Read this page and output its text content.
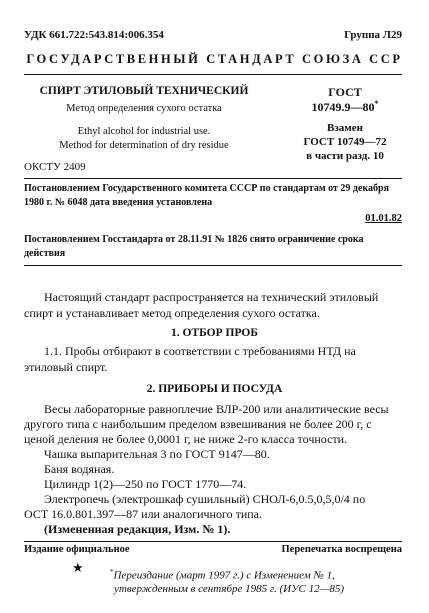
УДК 661.722:543.814:006.354	Группа Л29
ГОСУДАРСТВЕННЫЙ СТАНДАРТ СОЮЗА ССР
СПИРТ ЭТИЛОВЫЙ ТЕХНИЧЕСКИЙ
Метод определения сухого остатка
Ethyl alcohol for industrial use.
Method for determination of dry residue
ОКСТУ 2409
ГОСТ
10749.9—80*
Взамен
ГОСТ 10749—72
в части разд. 10
Постановлением Государственного комитета СССР по стандартам от 29 декабря
1980 г. № 6048 дата введения установлена
01.01.82
Постановлением Госстандарта от 28.11.91 № 1826 снято ограничение срока
действия

Настоящий стандарт распространяется на технический этиловый

спирт и устанавливает метод определения сухого остатка.

1. ОТБОР ПРОБ
1.1. Пробы отбирают в соответствии с требованиями НТД на
этиловый спирт.
2. ПРИБОРЫ И ПОСУДА
Весы лабораторные равноплечие ВЛР-200 или аналитические весы
другого типа с наибольшим пределом взвешивания не более 200 г, с
ценой деления не более 0,0001 г, не ниже 2-го класса точности.
Чашка выпарительная 3 по ГОСТ 9147—80.
Баня водяная.
Цилиндр 1(2)—250 по ГОСТ 1770—74.
Электропечь (электрошкаф сушильный) СНОЛ-6,0.5,0,5,0/4 по
ОСТ 16.0.801.397—87 или аналогичного типа.
(Измененная редакция, Изм. № 1).
Издание официальное	Перепечатка воспрещена
★	*Переиздание (март 1997 г.) с Изменением № 1,
утвержденным в сентябре 1985 г. (ИУС 12—85)
